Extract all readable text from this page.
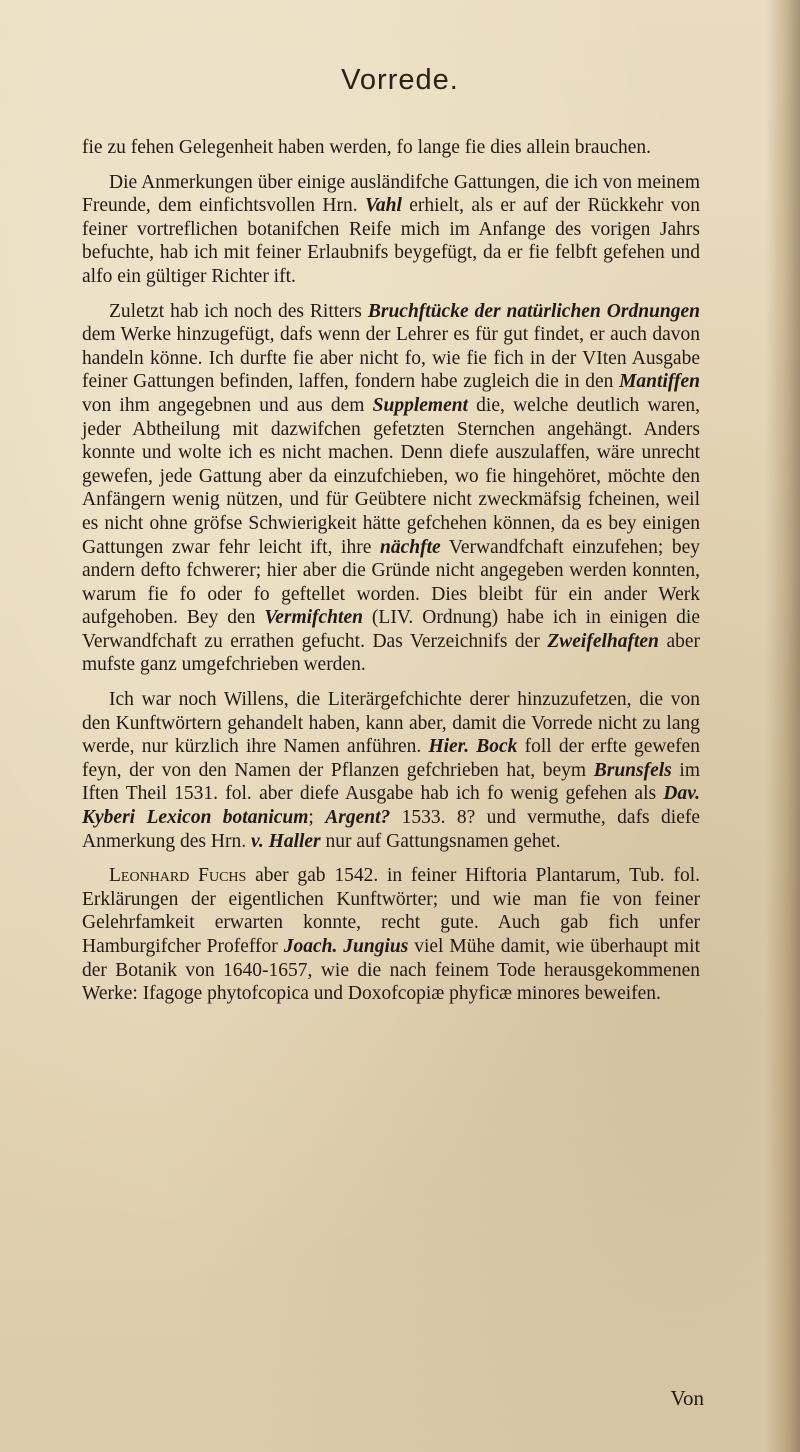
Vorrede.

fie zu fehen Gelegenheit haben werden, fo lange fie dies allein brauchen.

Die Anmerkungen über einige ausländifche Gattungen, die ich von meinem Freunde, dem einfichtsvollen Hrn. Vahl erhielt, als er auf der Rückkehr von feiner vortreflichen botanifchen Reife mich im Anfange des vorigen Jahrs befuchte, hab ich mit feiner Erlaubnifs beygefügt, da er fie felbft gefehen und alfo ein gültiger Richter ift.

Zuletzt hab ich noch des Ritters Bruchftücke der natürlichen Ordnungen dem Werke hinzugefügt, dafs wenn der Lehrer es für gut findet, er auch davon handeln könne. Ich durfte fie aber nicht fo, wie fie fich in der VIten Ausgabe feiner Gattungen befinden, laffen, fondern habe zugleich die in den Mantiffen von ihm angegebnen und aus dem Supplement die, welche deutlich waren, jeder Abtheilung mit dazwifchen gefetzten Sternchen angehängt. Anders konnte und wolte ich es nicht machen. Denn diefe auszulaffen, wäre unrecht gewefen, jede Gattung aber da einzufchieben, wo fie hingehöret, möchte den Anfängern wenig nützen, und für Geübtere nicht zweckmäfsig fcheinen, weil es nicht ohne gröfse Schwierigkeit hätte gefchehen können, da es bey einigen Gattungen zwar fehr leicht ift, ihre nächfte Verwandfchaft einzufehen; bey andern defto fchwerer; hier aber die Gründe nicht angegeben werden konnten, warum fie fo oder fo geftellet worden. Dies bleibt für ein ander Werk aufgehoben. Bey den Vermifchten (LIV. Ordnung) habe ich in einigen die Verwandfchaft zu errathen gefucht. Das Verzeichnifs der Zweifelhaften aber mufste ganz umgefchrieben werden.

Ich war noch Willens, die Literärgefchichte derer hinzuzufetzen, die von den Kunftwörtern gehandelt haben, kann aber, damit die Vorrede nicht zu lang werde, nur kürzlich ihre Namen anführen. Hier. Bock foll der erfte gewefen feyn, der von den Namen der Pflanzen gefchrieben hat, beym Brunsfels im Iften Theil 1531. fol. aber diefe Ausgabe hab ich fo wenig gefehen als Dav. Kyberi Lexicon botanicum; Argent? 1533. 8? und vermuthe, dafs diefe Anmerkung des Hrn. v. Haller nur auf Gattungsnamen gehet.

Leonhard Fuchs aber gab 1542. in feiner Hiftoria Plantarum, Tub. fol. Erklärungen der eigentlichen Kunftwörter; und wie man fie von feiner Gelehrfamkeit erwarten konnte, recht gute. Auch gab fich unfer Hamburgifcher Profeffor Joach. Jungius viel Mühe damit, wie überhaupt mit der Botanik von 1640-1657, wie die nach feinem Tode herausgekommenen Werke: Ifagoge phytofcopica und Doxofcopiæ phyficæ minores beweifen.

Von
